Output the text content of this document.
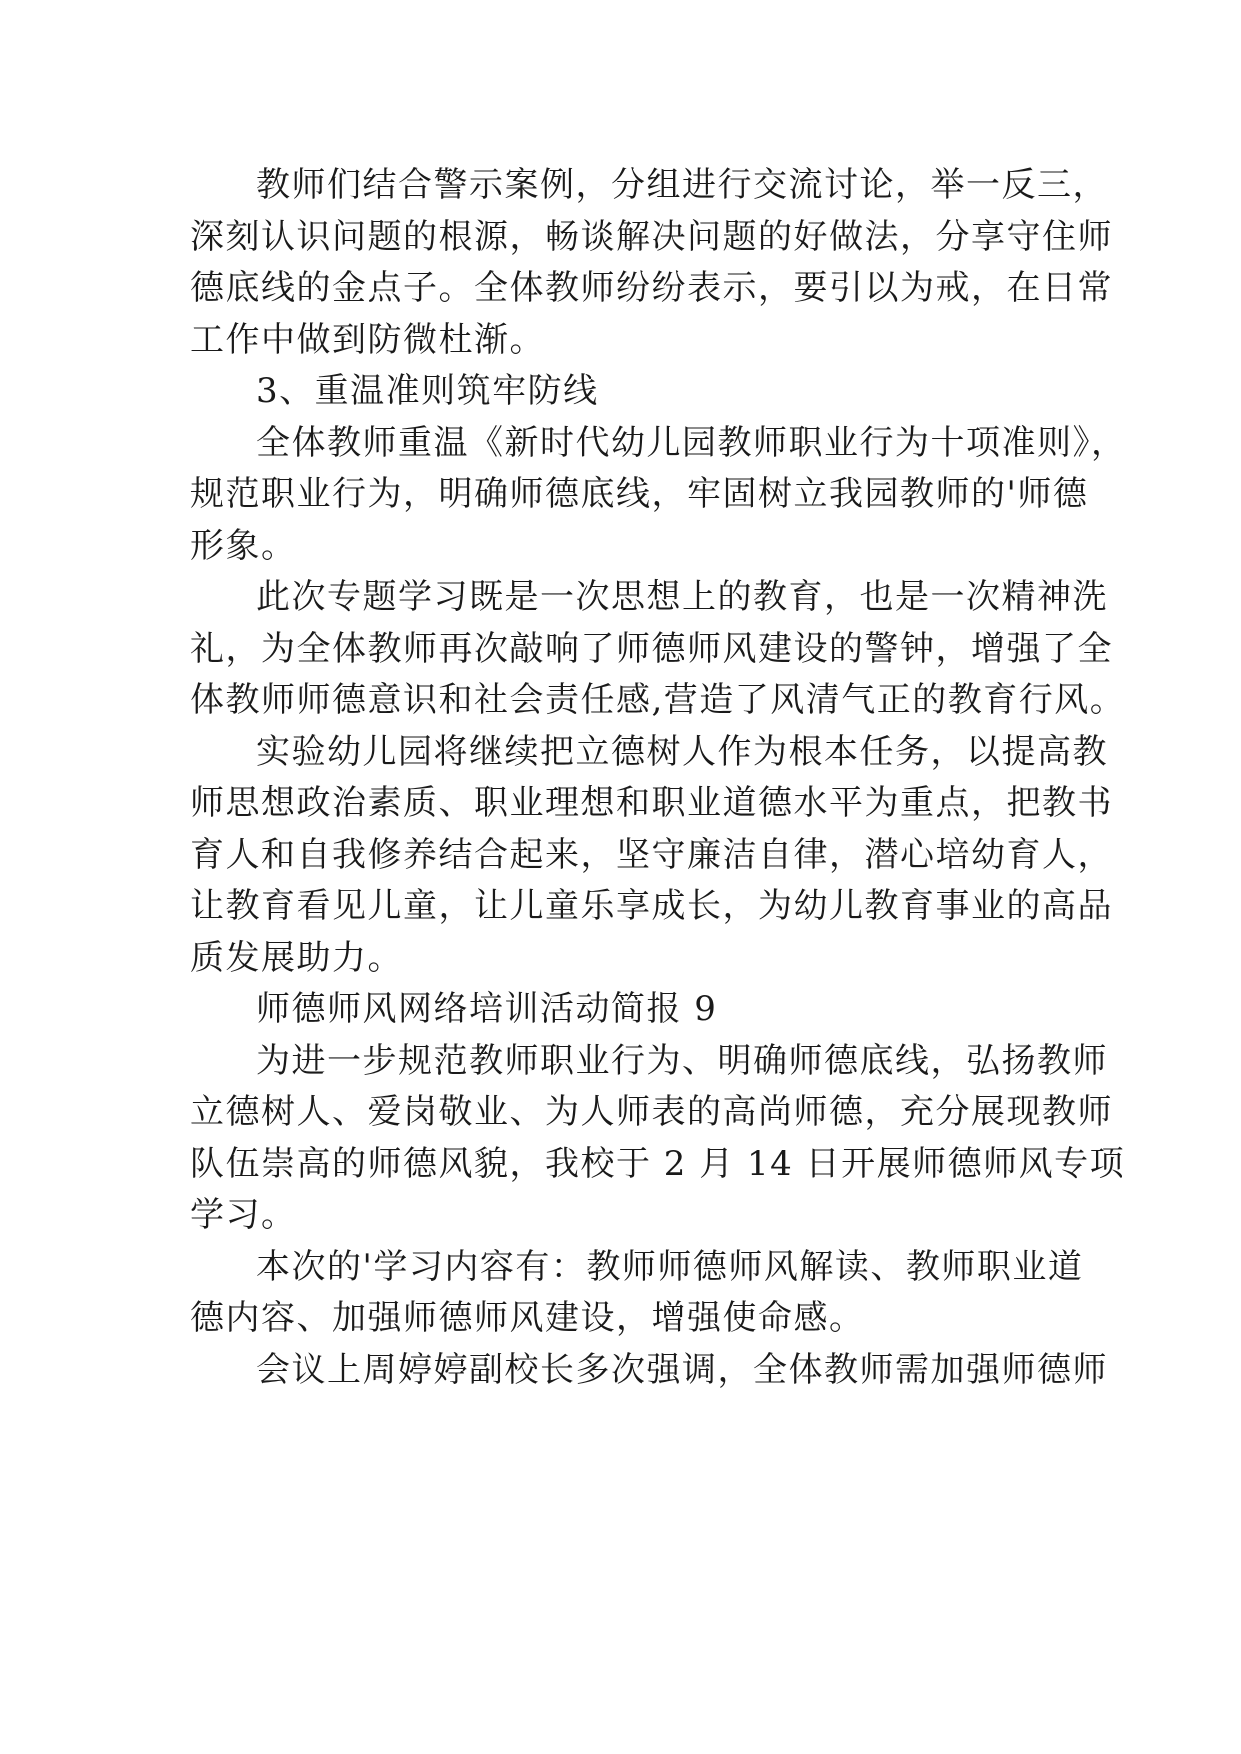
教师们结合警示案例，分组进行交流讨论，举一反三，
深刻认识问题的根源，畅谈解决问题的好做法，分享守住师
德底线的金点子。全体教师纷纷表示，要引以为戒，在日常
工作中做到防微杜渐。
3、重温准则筑牢防线
全体教师重温《新时代幼儿园教师职业行为十项准则》，
规范职业行为，明确师德底线，牢固树立我园教师的'师德
形象。
此次专题学习既是一次思想上的教育，也是一次精神洗
礼，为全体教师再次敲响了师德师风建设的警钟，增强了全
体教师师德意识和社会责任感,营造了风清气正的教育行风。
实验幼儿园将继续把立德树人作为根本任务，以提高教
师思想政治素质、职业理想和职业道德水平为重点，把教书
育人和自我修养结合起来，坚守廉洁自律，潜心培幼育人，
让教育看见儿童，让儿童乐享成长，为幼儿教育事业的高品
质发展助力。
师德师风网络培训活动简报 9
为进一步规范教师职业行为、明确师德底线，弘扬教师
立德树人、爱岗敬业、为人师表的高尚师德，充分展现教师
队伍崇高的师德风貌，我校于 2 月 14 日开展师德师风专项
学习。
本次的'学习内容有：教师师德师风解读、教师职业道
德内容、加强师德师风建设，增强使命感。
会议上周婷婷副校长多次强调，全体教师需加强师德师
